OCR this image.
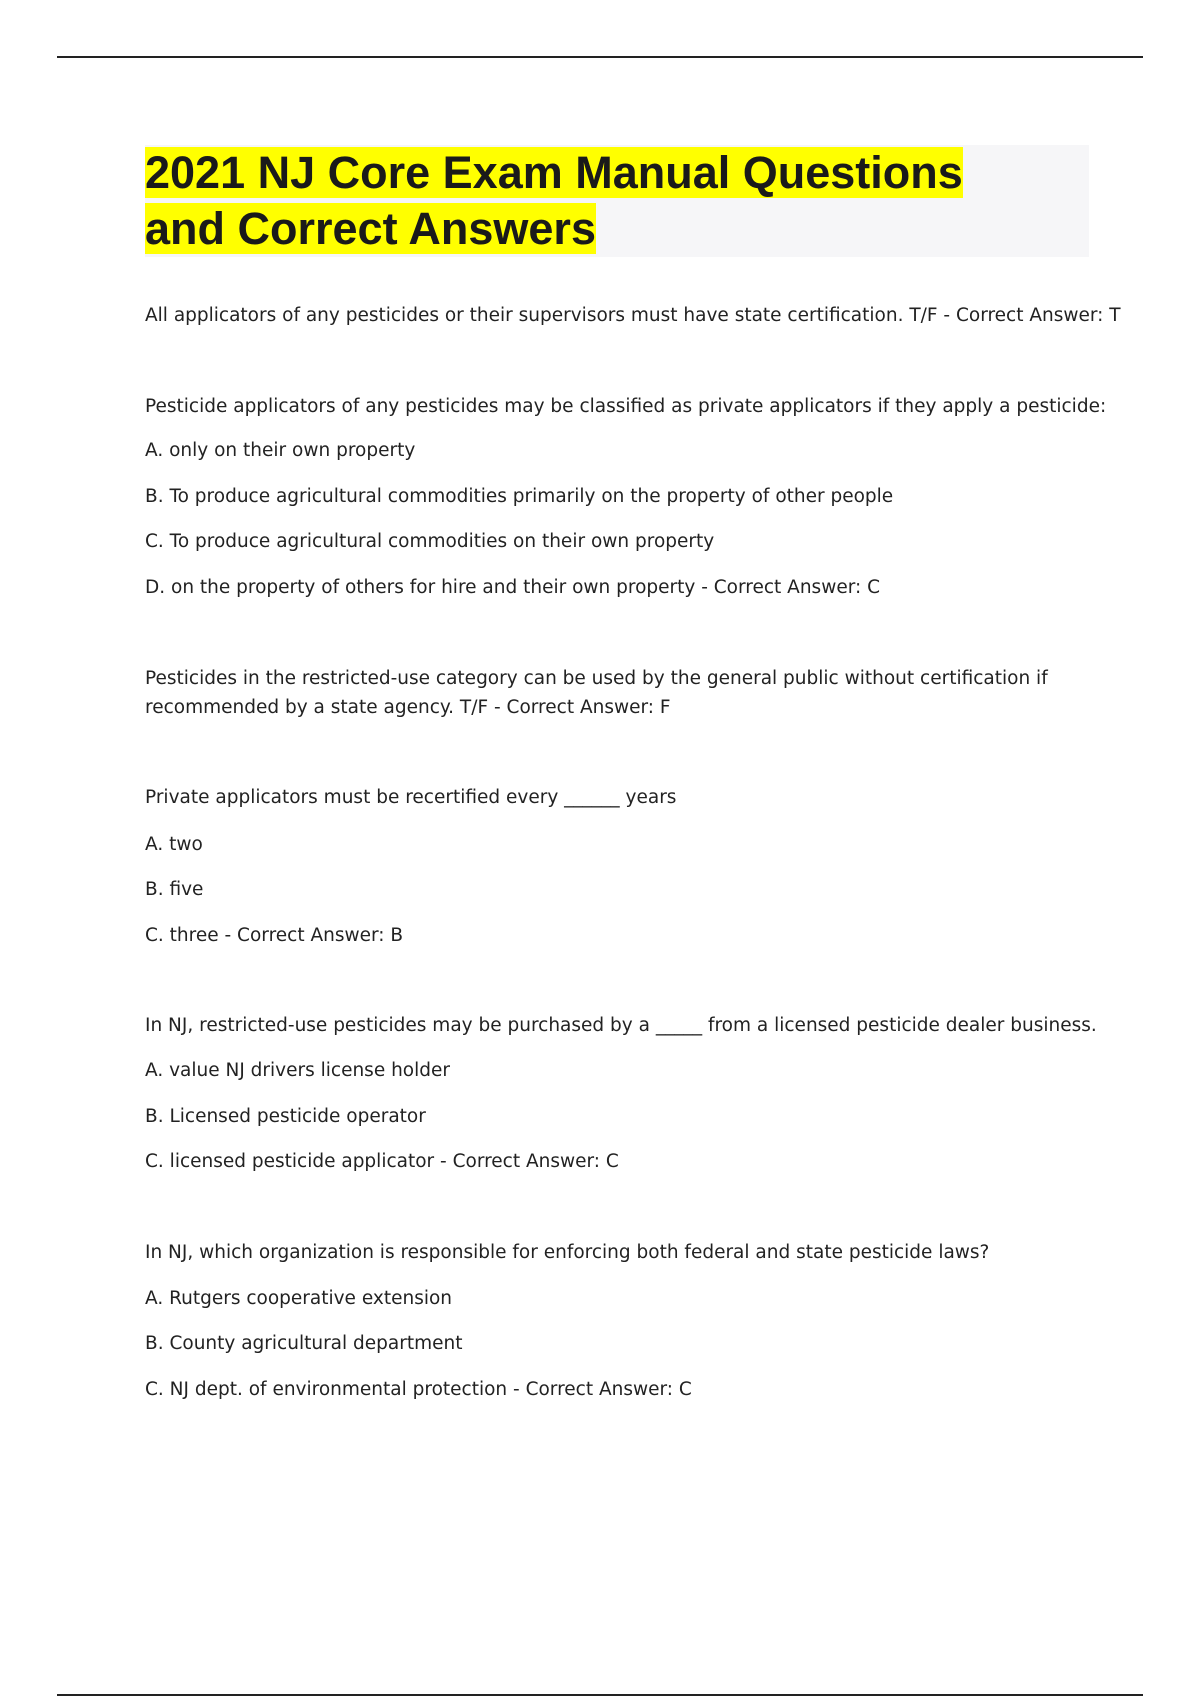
2021 NJ Core Exam Manual Questions
and Correct Answers
All applicators of any pesticides or their supervisors must have state certification. T/F - Correct Answer: T
Pesticide applicators of any pesticides may be classified as private applicators if they apply a pesticide:
A. only on their own property
B. To produce agricultural commodities primarily on the property of other people
C. To produce agricultural commodities on their own property
D. on the property of others for hire and their own property - Correct Answer: C
Pesticides in the restricted-use category can be used by the general public without certification if
recommended by a state agency. T/F - Correct Answer: F
Private applicators must be recertified every ______ years
A. two
B. five
C. three - Correct Answer: B
In NJ, restricted-use pesticides may be purchased by a _____ from a licensed pesticide dealer business.
A. value NJ drivers license holder
B. Licensed pesticide operator
C. licensed pesticide applicator - Correct Answer: C
In NJ, which organization is responsible for enforcing both federal and state pesticide laws?
A. Rutgers cooperative extension
B. County agricultural department
C. NJ dept. of environmental protection - Correct Answer: C
